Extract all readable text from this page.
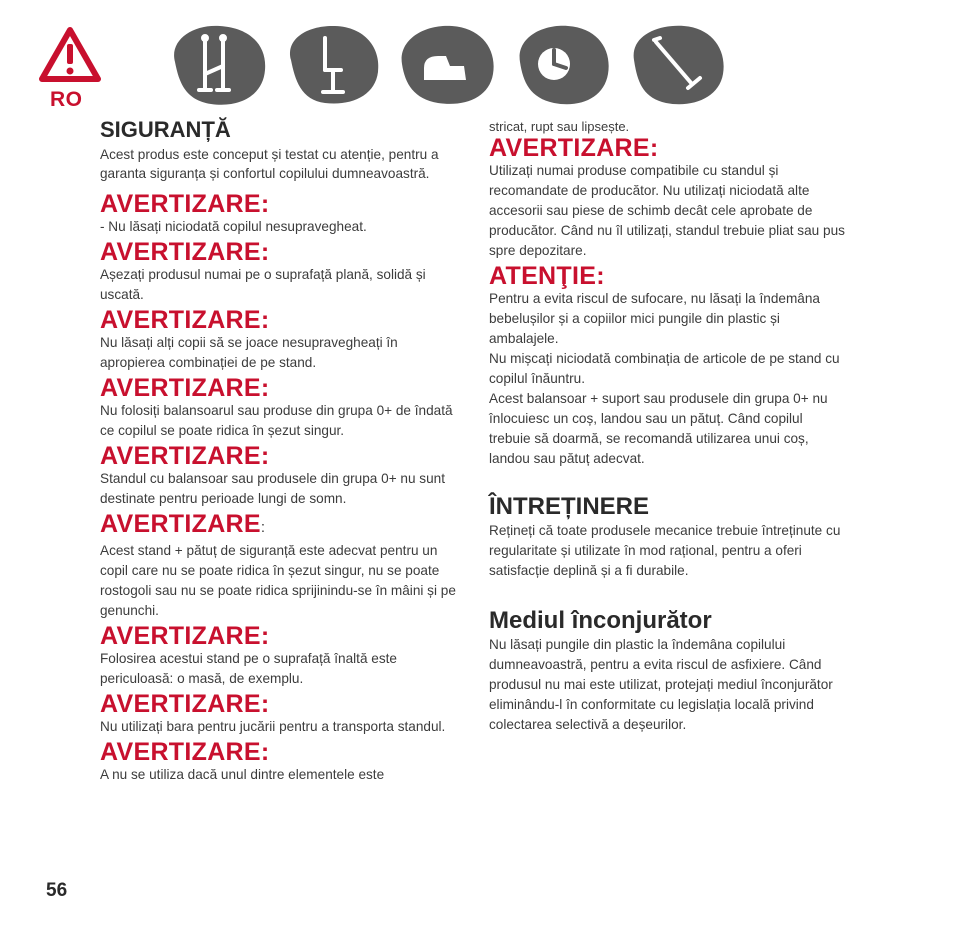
RO
SIGURANȚĂ

Acest produs este conceput și testat cu atenție, pentru a garanta siguranța și confortul copilului dumneavoastră.

AVERTIZARE:

- Nu lăsați niciodată copilul nesupravegheat.

AVERTIZARE:

Așezați produsul numai pe o suprafață plană, solidă și uscată.

AVERTIZARE:

Nu lăsați alți copii să se joace nesupravegheați în apropierea combinației de pe stand.

AVERTIZARE:

Nu folosiți balansoarul sau produse din grupa 0+ de îndată ce copilul se poate ridica în șezut singur.

AVERTIZARE:

Standul cu balansoar sau produsele din grupa 0+ nu sunt destinate pentru perioade lungi de somn.

AVERTIZARE:

Acest stand + pătuț de siguranță este adecvat pentru un copil care nu se poate ridica în șezut singur, nu se poate rostogoli sau nu se poate ridica sprijinindu-se în mâini și pe genunchi.

AVERTIZARE:

Folosirea acestui stand pe o suprafață înaltă este periculoasă: o masă, de exemplu.

AVERTIZARE:

Nu utilizați bara pentru jucării pentru a transporta standul.

AVERTIZARE:

A nu se utiliza dacă unul dintre elementele este

stricat, rupt sau lipsește.

AVERTIZARE:

Utilizați numai produse compatibile cu standul și recomandate de producător. Nu utilizați niciodată alte accesorii sau piese de schimb decât cele aprobate de producător. Când nu îl utilizați, standul trebuie pliat sau pus spre depozitare.

ATENŢIE:

Pentru a evita riscul de sufocare, nu lăsați la îndemâna bebelușilor și a copiilor mici pungile din plastic și ambalajele.

Nu mișcați niciodată combinația de articole de pe stand cu copilul înăuntru.

Acest balansoar + suport sau produsele din grupa 0+ nu înlocuiesc un coș, landou sau un pătuț. Când copilul trebuie să doarmă, se recomandă utilizarea unui coș, landou sau pătuț adecvat.

ÎNTREȚINERE

Rețineți că toate produsele mecanice trebuie întreținute cu regularitate și utilizate în mod rațional, pentru a oferi satisfacție deplină și a fi durabile.

Mediul înconjurător

Nu lăsați pungile din plastic la îndemâna copilului dumneavoastră, pentru a evita riscul de asfixiere. Când produsul nu mai este utilizat, protejați mediul înconjurător eliminându-l în conformitate cu legislația locală privind colectarea selectivă a deșeurilor.

56
